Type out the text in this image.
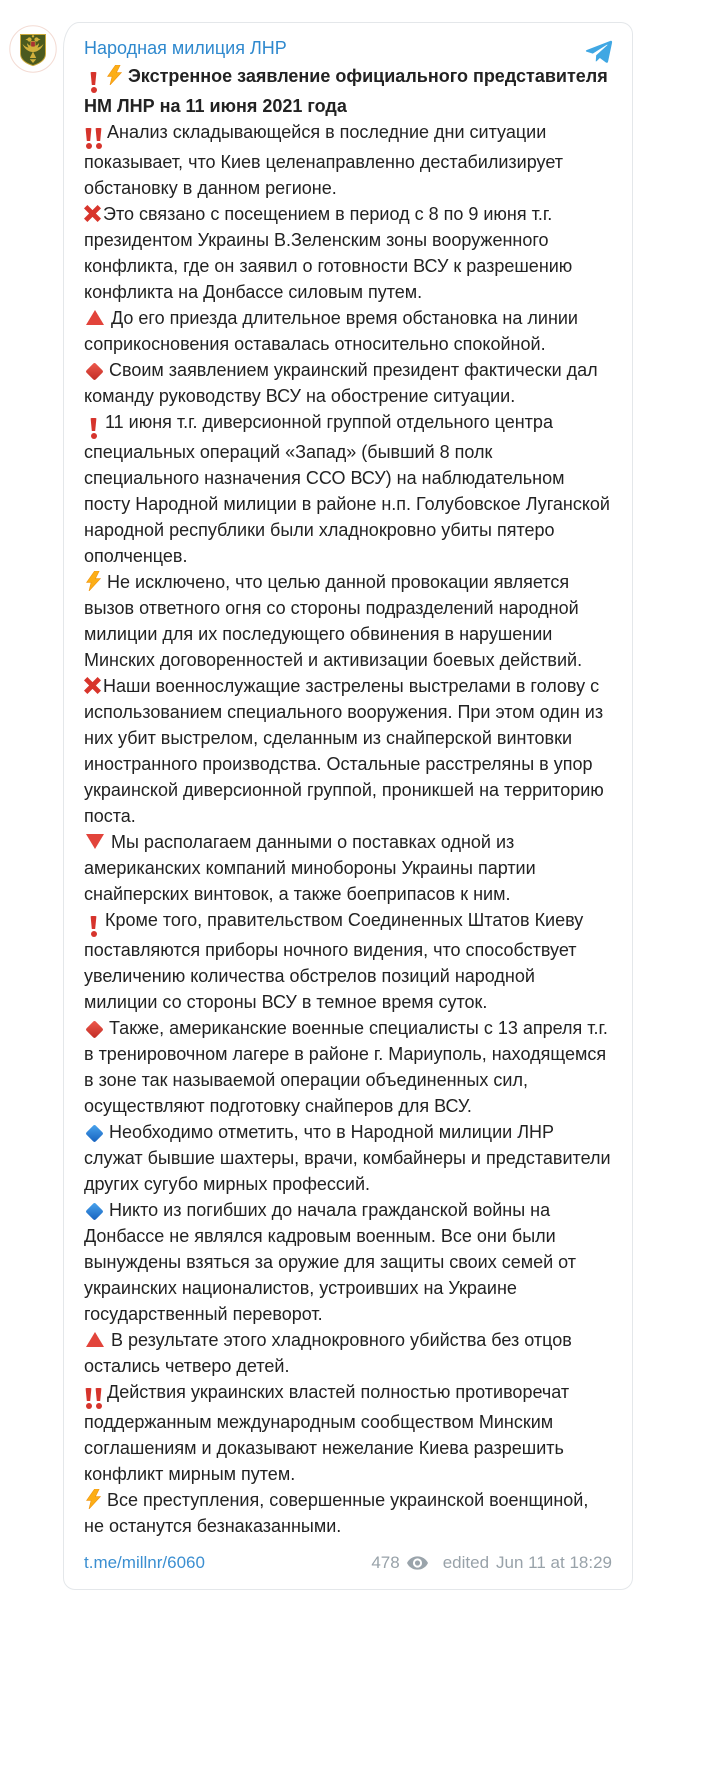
Народная милиция ЛНР
Экстренное заявление официального представителя НМ ЛНР на 11 июня 2021 года
Анализ складывающейся в последние дни ситуации показывает, что Киев целенаправленно дестабилизирует обстановку в данном регионе.
Это связано с посещением в период с 8 по 9 июня т.г. президентом Украины В.Зеленским зоны вооруженного конфликта, где он заявил о готовности ВСУ к разрешению конфликта на Донбассе силовым путем.
До его приезда длительное время обстановка на линии соприкосновения оставалась относительно спокойной.
Своим заявлением украинский президент фактически дал команду руководству ВСУ на обострение ситуации.
11 июня т.г. диверсионной группой отдельного центра специальных операций «Запад» (бывший 8 полк специального назначения ССО ВСУ) на наблюдательном посту Народной милиции в районе н.п. Голубовское Луганской народной республики были хладнокровно убиты пятеро ополченцев.
Не исключено, что целью данной провокации является вызов ответного огня со стороны подразделений народной милиции для их последующего обвинения в нарушении Минских договоренностей и активизации боевых действий.
Наши военнослужащие застрелены выстрелами в голову с использованием специального вооружения. При этом один из них убит выстрелом, сделанным из снайперской винтовки иностранного производства. Остальные расстреляны в упор украинской диверсионной группой, проникшей на территорию поста.
Мы располагаем данными о поставках одной из американских компаний минобороны Украины партии снайперских винтовок, а также боеприпасов к ним.
Кроме того, правительством Соединенных Штатов Киеву поставляются приборы ночного видения, что способствует увеличению количества обстрелов позиций народной милиции со стороны ВСУ в темное время суток.
Также, американские военные специалисты с 13 апреля т.г. в тренировочном лагере в районе г. Мариуполь, находящемся в зоне так называемой операции объединенных сил, осуществляют подготовку снайперов для ВСУ.
Необходимо отметить, что в Народной милиции ЛНР служат бывшие шахтеры, врачи, комбайнеры и представители других сугубо мирных профессий.
Никто из погибших до начала гражданской войны на Донбассе не являлся кадровым военным. Все они были вынуждены взяться за оружие для защиты своих семей от украинских националистов, устроивших на Украине государственный переворот.
В результате этого хладнокровного убийства без отцов остались четверо детей.
Действия украинских властей полностью противоречат поддержанным международным сообществом Минским соглашениям и доказывают нежелание Киева разрешить конфликт мирным путем.
Все преступления, совершенные украинской военщиной, не останутся безнаказанными.
t.me/millnr/6060	478	edited Jun 11 at 18:29
